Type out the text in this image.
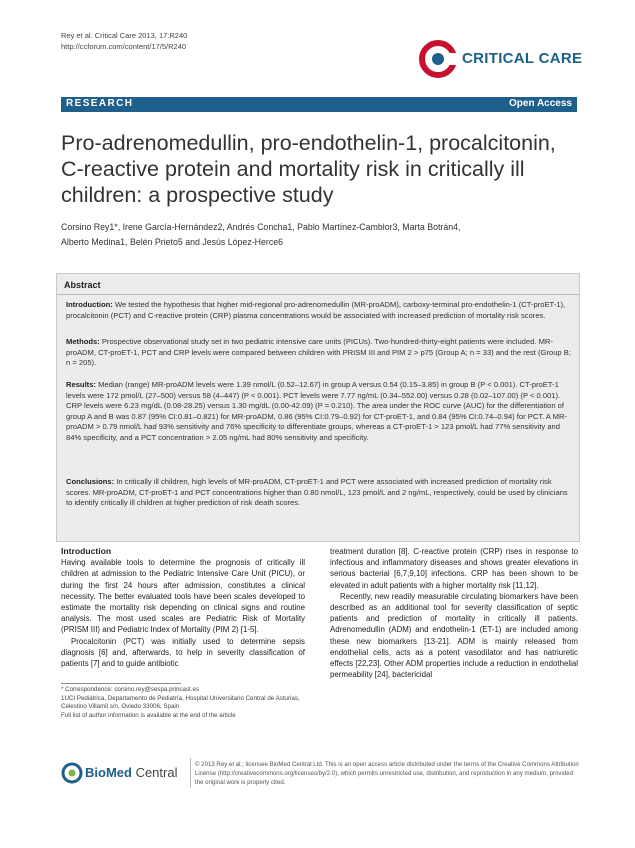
Rey et al. Critical Care 2013, 17:R240
http://ccforum.com/content/17/5/R240
CRITICAL CARE
RESEARCH	Open Access
Pro-adrenomedullin, pro-endothelin-1, procalcitonin, C-reactive protein and mortality risk in critically ill children: a prospective study
Corsino Rey1*, Irene García-Hernández2, Andrés Concha1, Pablo Martínez-Camblor3, Marta Botrán4,
Alberto Medina1, Belén Prieto5 and Jesús López-Herce6
Abstract

Introduction: We tested the hypothesis that higher mid-regional pro-adrenomedullin (MR-proADM), carboxy-terminal pro-endothelin-1 (CT-proET-1), procalcitonin (PCT) and C-reactive protein (CRP) plasma concentrations would be associated with increased prediction of mortality risk scores.

Methods: Prospective observational study set in two pediatric intensive care units (PICUs). Two-hundred-thirty-eight patients were included. MR-proADM, CT-proET-1, PCT and CRP levels were compared between children with PRISM III and PIM 2 > p75 (Group A; n = 33) and the rest (Group B; n = 205).

Results: Median (range) MR-proADM levels were 1.39 nmol/L (0.52–12.67) in group A versus 0.54 (0.15–3.85) in group B (P < 0.001). CT-proET-1 levels were 172 pmol/L (27–500) versus 58 (4–447) (P < 0.001). PCT levels were 7.77 ng/mL (0.34–552.00) versus 0.28 (0.02–107.00) (P < 0.001). CRP levels were 6.23 mg/dL (0.08-28.25) versus 1.30 mg/dL (0.00-42.09) (P = 0.210). The area under the ROC curve (AUC) for the differentiation of group A and B was 0.87 (95% CI:0.81–0.821) for MR-proADM, 0.86 (95% CI:0.79–0.92) for CT-proET-1, and 0.84 (95% CI:0.74–0.94) for PCT. A MR-proADM > 0.79 nmol/L had 93% sensitivity and 76% specificity to differentiate groups, whereas a CT-proET-1 > 123 pmol/L had 77% sensitivity and 84% specificity, and a PCT concentration > 2.05 ng/mL had 80% sensitivity and specificity.

Conclusions: In critically ill children, high levels of MR-proADM, CT-proET-1 and PCT were associated with increased prediction of mortality risk scores. MR-proADM, CT-proET-1 and PCT concentrations higher than 0.80 nmol/L, 123 pmol/L and 2 ng/mL, respectively, could be used by clinicians to identify critically ill children at higher prediction of risk death scores.

Introduction

Having available tools to determine the prognosis of critically ill children at admission to the Pediatric Intensive Care Unit (PICU), or during the first 24 hours after admission, constitutes a clinical necessity. The better evaluated tools have been scales developed to estimate the mortality risk depending on clinical signs and routine analysis. The most used scales are Pediatric Risk of Mortality (PRISM III) and Pediatric Index of Mortality (PIM 2) [1-5].

Procalcitonin (PCT) was initially used to determine sepsis diagnosis [6] and, afterwards, to help in severity classification of patients [7] and to guide antibiotic

treatment duration [8]. C-reactive protein (CRP) rises in response to infectious and inflammatory diseases and shows greater elevations in serious bacterial [6,7,9,10] infections. CRP has been shown to be elevated in adult patients with a higher mortality risk [11,12].

Recently, new readily measurable circulating biomarkers have been described as an additional tool for severity classification of septic patients and prediction of mortality in critically ill patients. Adrenomedullin (ADM) and endothelin-1 (ET-1) are included among these new biomarkers [13-21]. ADM is mainly released from endothelial cells, acts as a potent vasodilator and has natriuretic effects [22,23]. Other ADM properties include a reduction in endothelial permeability [24], bactericidal

* Correspondence: corsino.rey@sespa.princast.es
1UCI Pediátrica, Departamento de Pediatría, Hospital Universitario Central de Asturias, Celestino Villamil s/n, Oviedo 33006, Spain
Full list of author information is available at the end of the article
BioMed Central
© 2013 Rey et al.; licensee BioMed Central Ltd. This is an open access article distributed under the terms of the Creative Commons Attribution License (http://creativecommons.org/licenses/by/2.0), which permits unrestricted use, distribution, and reproduction in any medium, provided the original work is properly cited.
